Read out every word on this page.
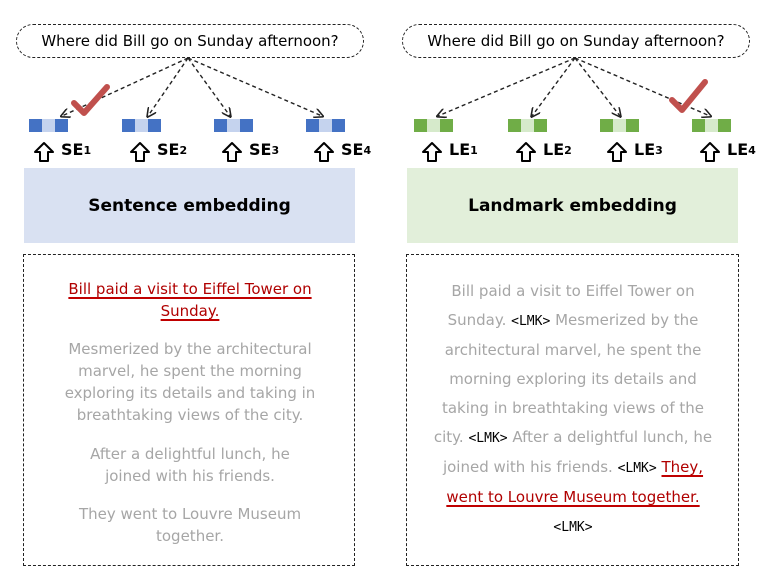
Where did Bill go on Sunday afternoon?	Where did Bill go on Sunday afternoon?
$SE_1$	$SE_2$	$SE_3$	$SE_4$	$LE_1$	$LE_2$	$LE_3$	$LE_4$
Sentence embedding	Landmark embedding
Bill paid a visit to Eiffel Tower on Sunday.
Mesmerized by the architectural marvel, he spent the morning exploring its details and taking in breathtaking views of the city.
After a delightful lunch, he joined with his friends.
They went to Louvre Museum together.
Bill paid a visit to Eiffel Tower on Sunday. <LMK> Mesmerized by the architectural marvel, he spent the morning exploring its details and taking in breathtaking views of the city. <LMK> After a delightful lunch, he joined with his friends. <LMK> They, went to Louvre Museum together. <LMK>
